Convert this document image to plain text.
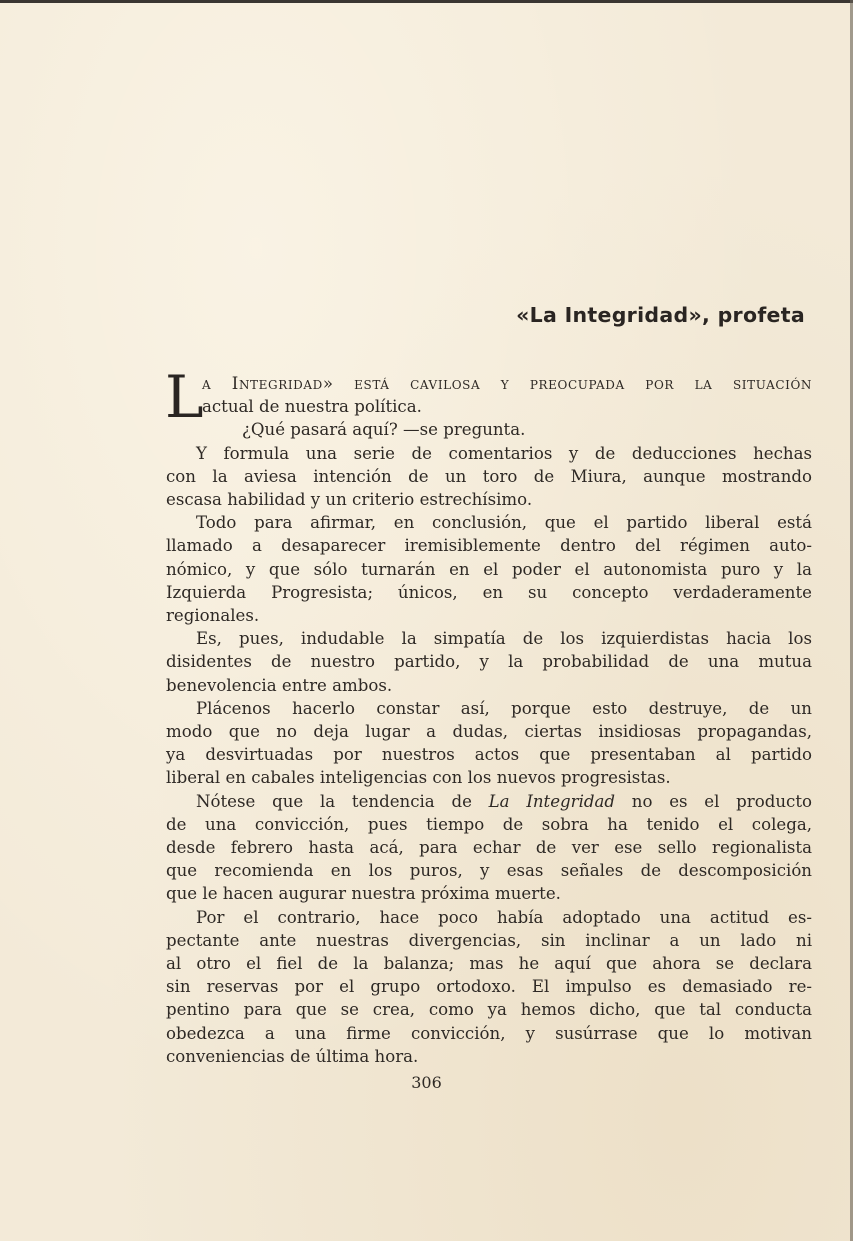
«La Integridad», profeta
L
a Integridad» está cavilosa y preocupada por la situación
actual de nuestra política.
¿Qué pasará aquí? —se pregunta.
Y formula una serie de comentarios y de deducciones hechas
con la aviesa intención de un toro de Miura, aunque mostrando
escasa habilidad y un criterio estrechísimo.
Todo para afirmar, en conclusión, que el partido liberal está
llamado a desaparecer iremisiblemente dentro del régimen auto-
nómico, y que sólo turnarán en el poder el autonomista puro y la
Izquierda Progresista; únicos, en su concepto verdaderamente
regionales.
Es, pues, indudable la simpatía de los izquierdistas hacia los
disidentes de nuestro partido, y la probabilidad de una mutua
benevolencia entre ambos.
Plácenos hacerlo constar así, porque esto destruye, de un
modo que no deja lugar a dudas, ciertas insidiosas propagandas,
ya desvirtuadas por nuestros actos que presentaban al partido
liberal en cabales inteligencias con los nuevos progresistas.
Nótese que la tendencia de La Integridad no es el producto
de una convicción, pues tiempo de sobra ha tenido el colega,
desde febrero hasta acá, para echar de ver ese sello regionalista
que recomienda en los puros, y esas señales de descomposición
que le hacen augurar nuestra próxima muerte.
Por el contrario, hace poco había adoptado una actitud es-
pectante ante nuestras divergencias, sin inclinar a un lado ni
al otro el fiel de la balanza; mas he aquí que ahora se declara
sin reservas por el grupo ortodoxo. El impulso es demasiado re-
pentino para que se crea, como ya hemos dicho, que tal conducta
obedezca a una firme convicción, y susúrrase que lo motivan
conveniencias de última hora.
306
